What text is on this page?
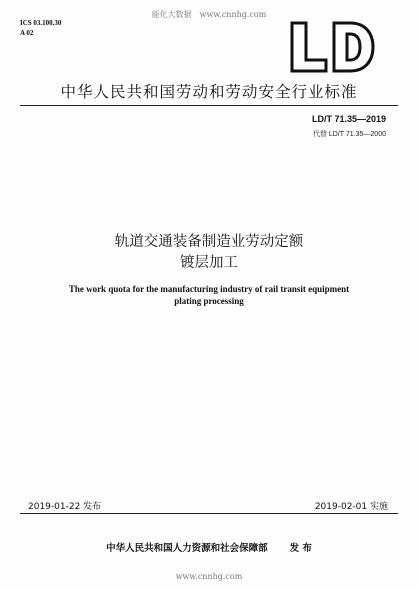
能化大数据　www.cnnhg.com
ICS 03.100.30
A 02
中华人民共和国劳动和劳动安全行业标准
LD/T 71.35—2019
代替 LD/T 71.35—2000
轨道交通装备制造业劳动定额
镀层加工
The work quota for the manufacturing industry of rail transit equipment
plating processing
2019-01-22 发布	2019-02-01 实施
中华人民共和国人力资源和社会保障部 发 布
www.cnnhg.com
